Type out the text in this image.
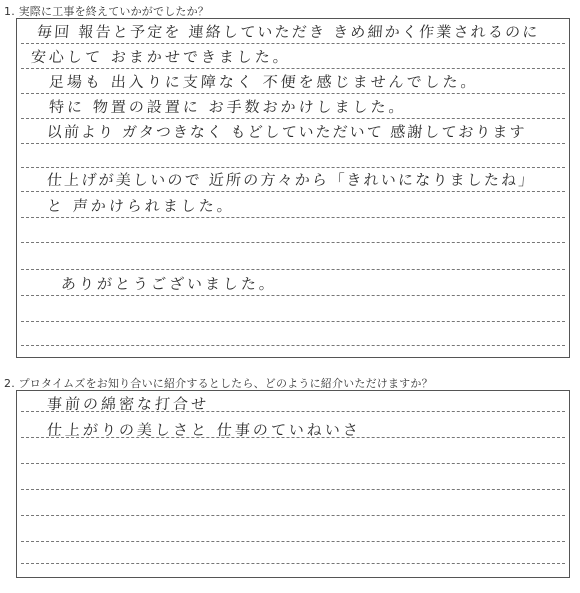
1. 実際に工事を終えていかがでしたか？
毎回 報告と予定を 連絡していただき きめ細かく作業されるのに
安心して おまかせできました。
足場も 出入りに支障なく 不便を感じませんでした。
特に 物置の設置に お手数おかけしました。
以前より ガタつきなく もどしていただいて 感謝しております
仕上げが美しいので 近所の方々から「きれいになりましたね」
と 声かけられました。
ありがとうございました。
2. プロタイムズをお知り合いに紹介するとしたら、どのように紹介いただけますか？
事前の綿密な打合せ
仕上がりの美しさと 仕事のていねいさ
